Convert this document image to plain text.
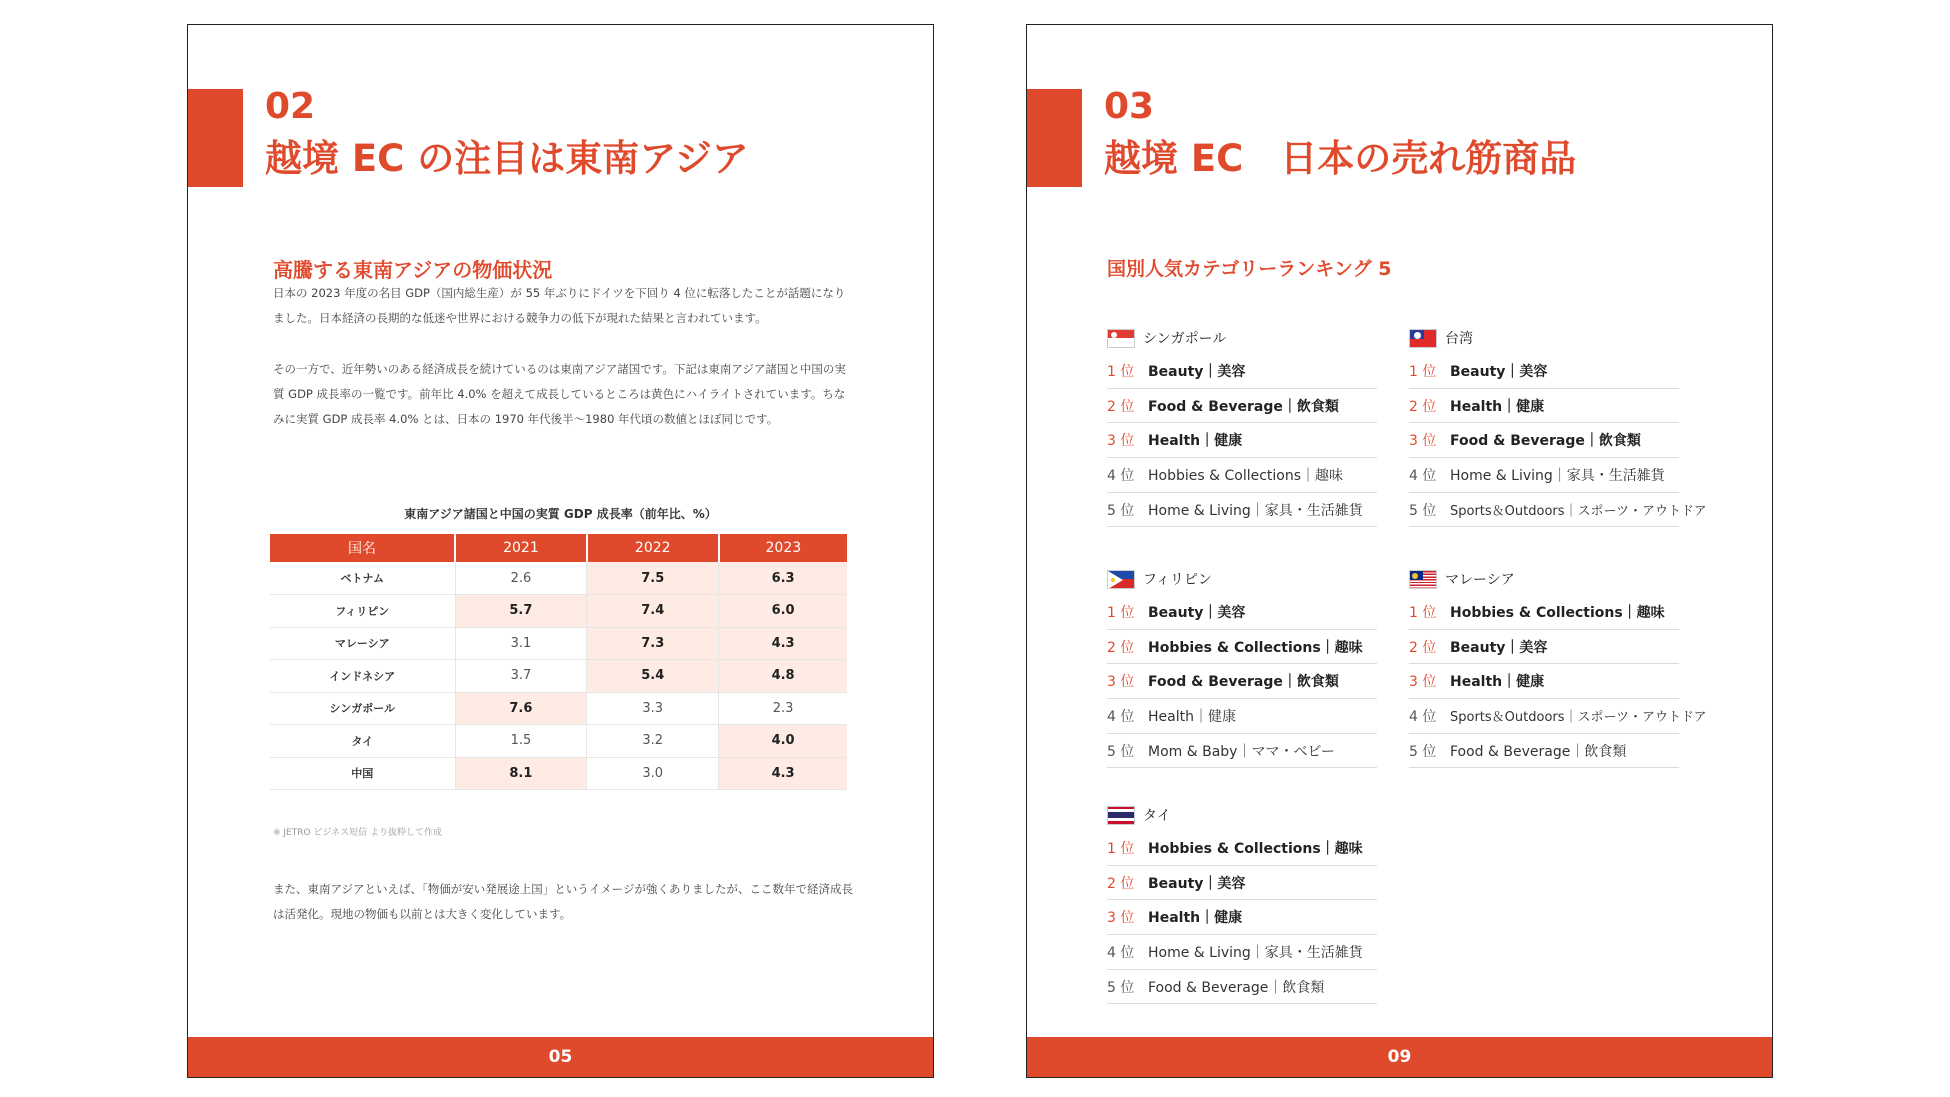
02
越境 EC の注目は東南アジア
高騰する東南アジアの物価状況
日本の 2023 年度の名目 GDP（国内総生産）が 55 年ぶりにドイツを下回り 4 位に転落したことが話題になりました。日本経済の長期的な低迷や世界における競争力の低下が現れた結果と言われています。
その一方で、近年勢いのある経済成長を続けているのは東南アジア諸国です。下記は東南アジア諸国と中国の実質 GDP 成長率の一覧です。前年比 4.0% を超えて成長しているところは黄色にハイライトされています。ちなみに実質 GDP 成長率 4.0% とは、日本の 1970 年代後半〜1980 年代頃の数値とほぼ同じです。
東南アジア諸国と中国の実質 GDP 成長率（前年比、%）
国名	2021	2022	2023
ベトナム	2.6	7.5	6.3
フィリピン	5.7	7.4	6.0
マレーシア	3.1	7.3	4.3
インドネシア	3.7	5.4	4.8
シンガポール	7.6	3.3	2.3
タイ	1.5	3.2	4.0
中国	8.1	3.0	4.3
※ JETRO ビジネス短信 より抜粋して作成
また、東南アジアといえば、「物価が安い発展途上国」というイメージが強くありましたが、ここ数年で経済成長は活発化。現地の物価も以前とは大きく変化しています。
05
03
越境 EC　日本の売れ筋商品
国別人気カテゴリーランキング 5
シンガポール
1 位 Beauty｜美容
2 位 Food & Beverage｜飲食類
3 位 Health｜健康
4 位 Hobbies & Collections｜趣味
5 位 Home & Living｜家具・生活雑貨
台湾
1 位 Beauty｜美容
2 位 Health｜健康
3 位 Food & Beverage｜飲食類
4 位 Home & Living｜家具・生活雑貨
5 位	Sports＆Outdoors｜スポーツ・アウトドア
フィリピン
1 位 Beauty｜美容
2 位 Hobbies & Collections｜趣味
3 位 Food & Beverage｜飲食類
4 位 Health｜健康
5 位 Mom & Baby｜ママ・ベビー
マレーシア
1 位 Hobbies & Collections｜趣味
2 位 Beauty｜美容
3 位 Health｜健康
4 位	Sports＆Outdoors｜スポーツ・アウトドア
5 位 Food & Beverage｜飲食類
タイ
1 位 Hobbies & Collections｜趣味
2 位 Beauty｜美容
3 位 Health｜健康
4 位 Home & Living｜家具・生活雑貨
5 位 Food & Beverage｜飲食類
09
